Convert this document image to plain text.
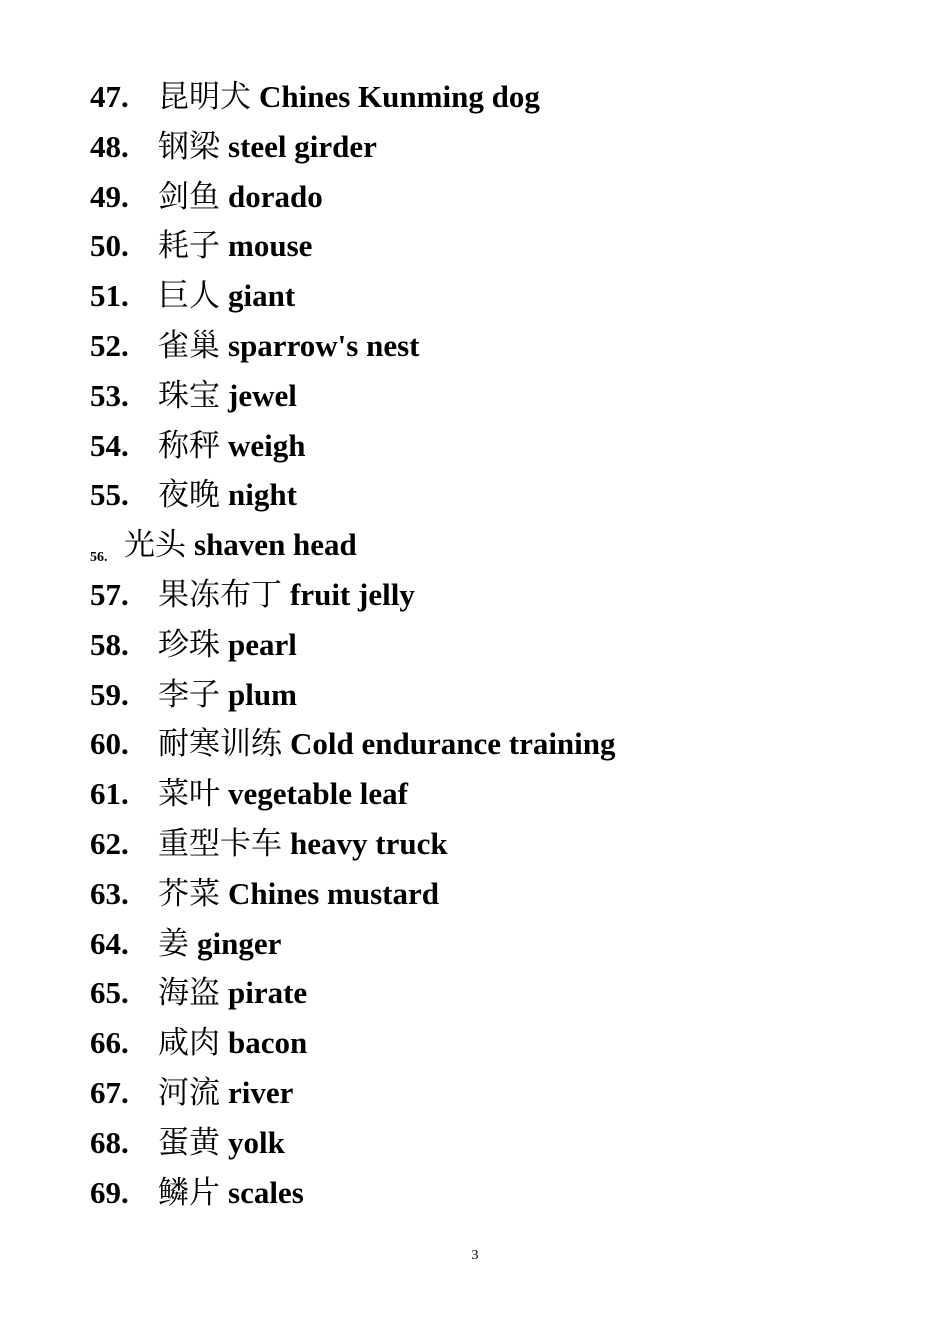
47. 昆明犬 Chines Kunming dog
48. 钢梁 steel girder
49. 剑鱼 dorado
50. 耗子 mouse
51. 巨人 giant
52. 雀巢 sparrow's nest
53. 珠宝 jewel
54. 称秤 weigh
55. 夜晚 night
56. 光头 shaven head
57. 果冻布丁 fruit jelly
58. 珍珠 pearl
59. 李子 plum
60. 耐寒训练 Cold endurance training
61. 菜叶 vegetable leaf
62. 重型卡车 heavy truck
63. 芥菜 Chines mustard
64. 姜 ginger
65. 海盗 pirate
66. 咸肉 bacon
67. 河流 river
68. 蛋黄 yolk
69. 鳞片 scales
3
